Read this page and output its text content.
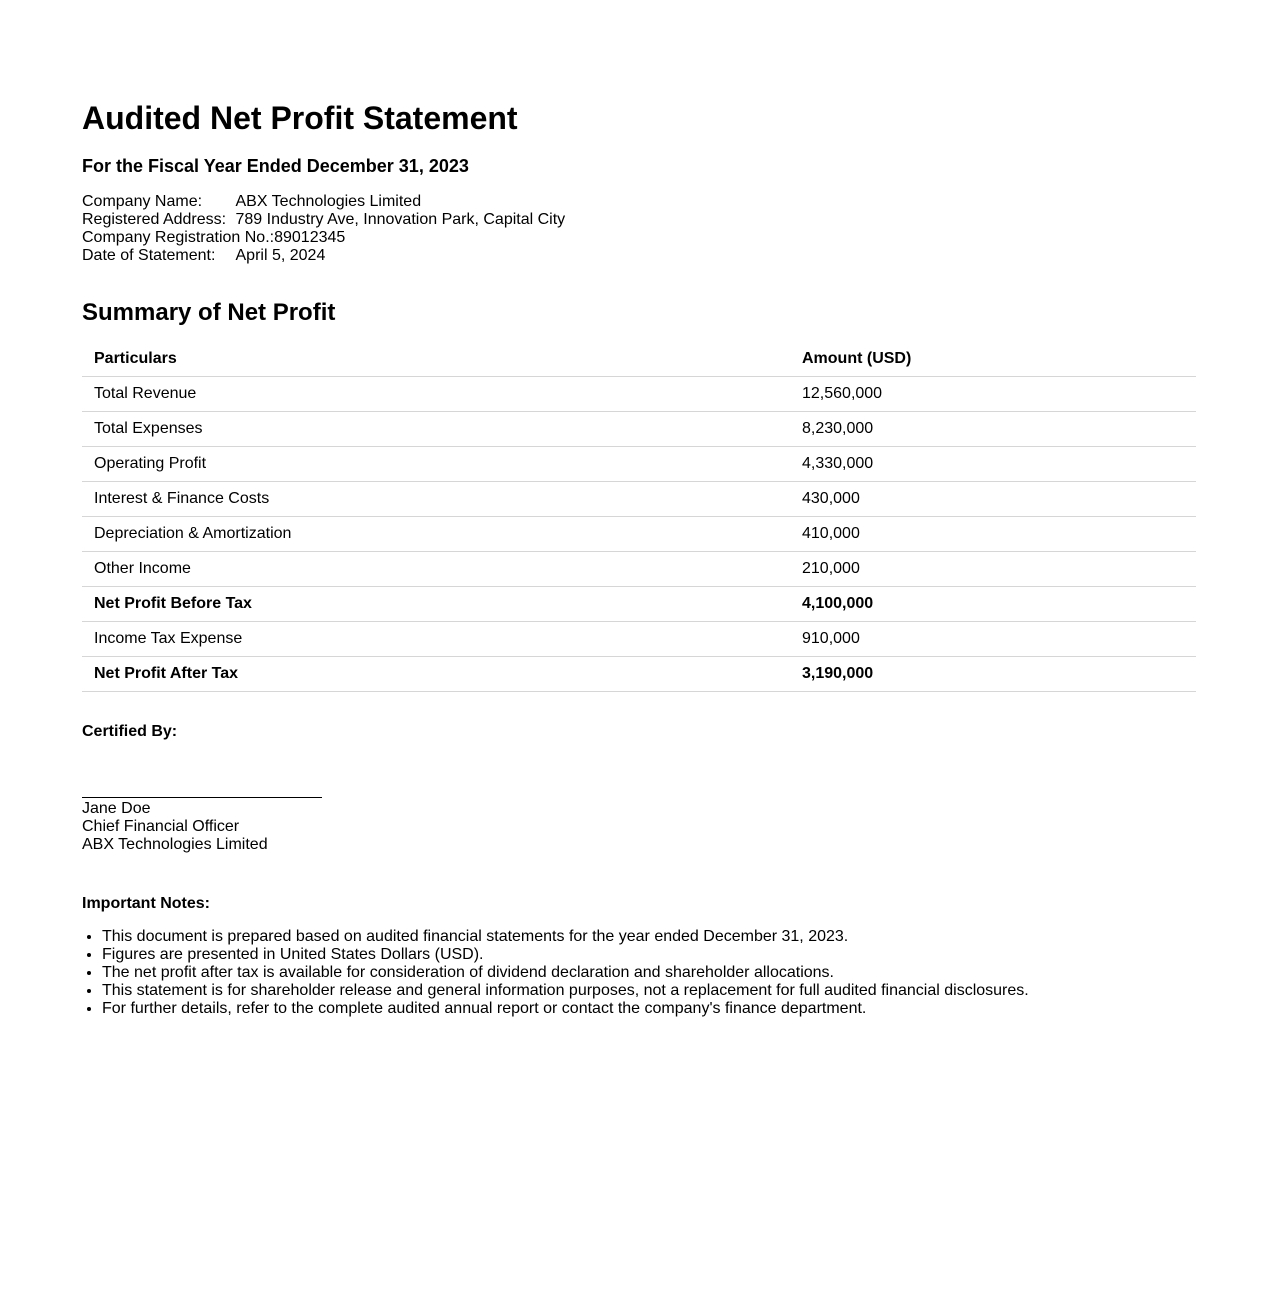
Audited Net Profit Statement
For the Fiscal Year Ended December 31, 2023
Company Name:	ABX Technologies Limited
Registered Address: 789 Industry Ave, Innovation Park, Capital City
Company Registration No.: 89012345
Date of Statement:	April 5, 2024
Summary of Net Profit
Particulars	Amount (USD)
Total Revenue	12,560,000
Total Expenses	8,230,000
Operating Profit	4,330,000
Interest & Finance Costs	430,000
Depreciation & Amortization	410,000
Other Income	210,000
Net Profit Before Tax	4,100,000
Income Tax Expense	910,000
Net Profit After Tax	3,190,000
Certified By:
Jane Doe
Chief Financial Officer
ABX Technologies Limited
Important Notes:
• This document is prepared based on audited financial statements for the year ended December 31, 2023.
• Figures are presented in United States Dollars (USD).
• The net profit after tax is available for consideration of dividend declaration and shareholder allocations.
• This statement is for shareholder release and general information purposes, not a replacement for full audited financial disclosures.
• For further details, refer to the complete audited annual report or contact the company's finance department.
